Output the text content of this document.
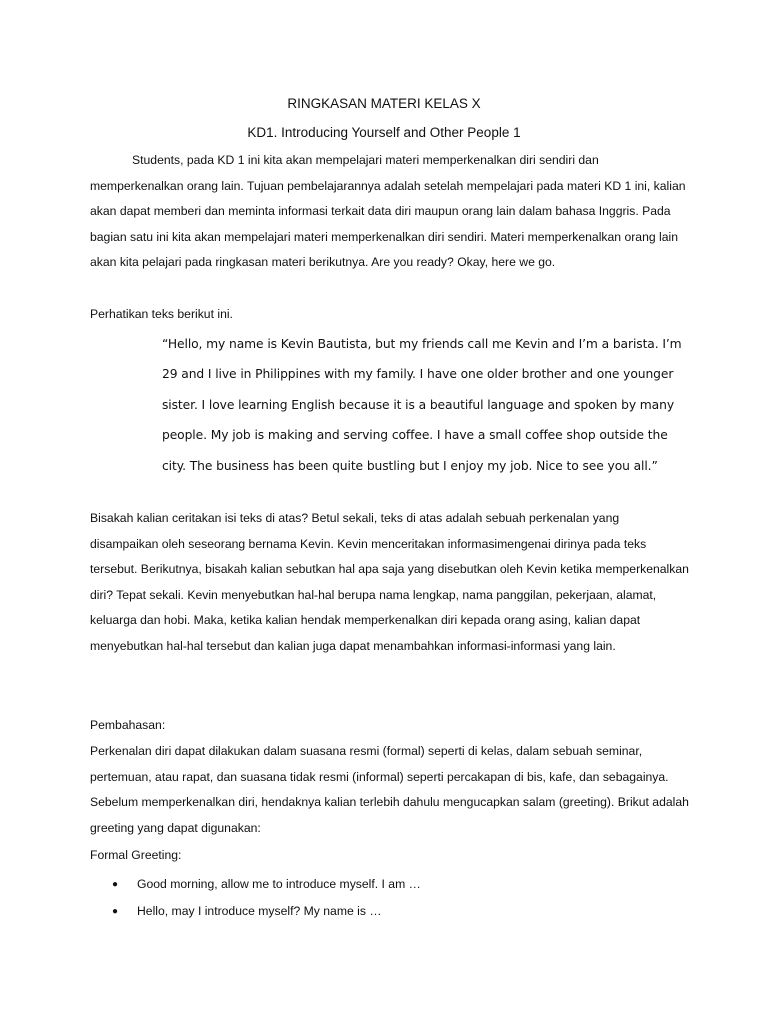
RINGKASAN MATERI KELAS X
KD1. Introducing Yourself and Other People 1
Students, pada KD 1 ini kita akan mempelajari materi memperkenalkan diri sendiri dan memperkenalkan orang lain. Tujuan pembelajarannya adalah setelah mempelajari pada materi KD 1 ini, kalian akan dapat memberi dan meminta informasi terkait data diri maupun orang lain dalam bahasa Inggris. Pada bagian satu ini kita akan mempelajari materi memperkenalkan diri sendiri. Materi memperkenalkan orang lain akan kita pelajari pada ringkasan materi berikutnya. Are you ready? Okay, here we go.
Perhatikan teks berikut ini.
“Hello, my name is Kevin Bautista, but my friends call me Kevin and I’m a barista. I’m 29 and I live in Philippines with my family. I have one older brother and one younger sister. I love learning English because it is a beautiful language and spoken by many people. My job is making and serving coffee. I have a small coffee shop outside the city. The business has been quite bustling but I enjoy my job. Nice to see you all.”
Bisakah kalian ceritakan isi teks di atas? Betul sekali, teks di atas adalah sebuah perkenalan yang disampaikan oleh seseorang bernama Kevin. Kevin menceritakan informasimengenai dirinya pada teks tersebut. Berikutnya, bisakah kalian sebutkan hal apa saja yang disebutkan oleh Kevin ketika memperkenalkan diri? Tepat sekali. Kevin menyebutkan hal-hal berupa nama lengkap, nama panggilan, pekerjaan, alamat, keluarga dan hobi. Maka, ketika kalian hendak memperkenalkan diri kepada orang asing, kalian dapat menyebutkan hal-hal tersebut dan kalian juga dapat menambahkan informasi-informasi yang lain.
Pembahasan:
Perkenalan diri dapat dilakukan dalam suasana resmi (formal) seperti di kelas, dalam sebuah seminar, pertemuan, atau rapat, dan suasana tidak resmi (informal) seperti percakapan di bis, kafe, dan sebagainya. Sebelum memperkenalkan diri, hendaknya kalian terlebih dahulu mengucapkan salam (greeting). Brikut adalah greeting yang dapat digunakan:
Formal Greeting:
● Good morning, allow me to introduce myself. I am …
● Hello, may I introduce myself? My name is …
